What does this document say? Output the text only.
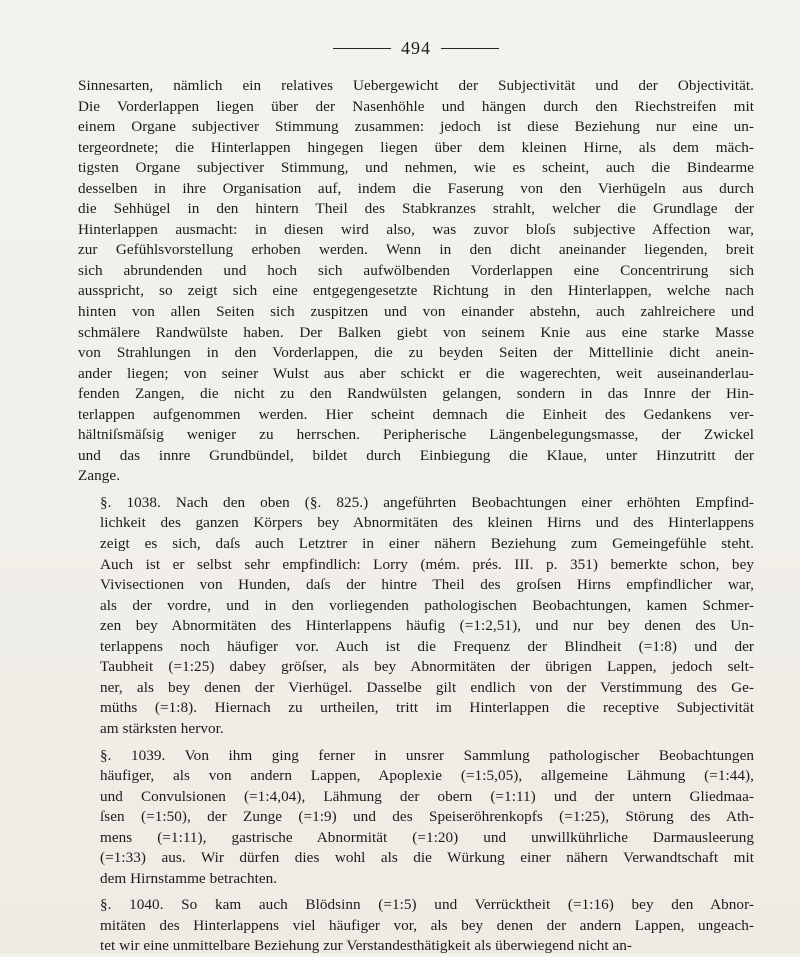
494

Sinnesarten, nämlich ein relatives Uebergewicht der Subjectivität und der Objectivität.
Die Vorderlappen liegen über der Nasenhöhle und hängen durch den Riechstreifen mit
einem Organe subjectiver Stimmung zusammen: jedoch ist diese Beziehung nur eine un-
tergeordnete; die Hinterlappen hingegen liegen über dem kleinen Hirne, als dem mäch-
tigsten Organe subjectiver Stimmung, und nehmen, wie es scheint, auch die Bindearme
desselben in ihre Organisation auf, indem die Faserung von den Vierhügeln aus durch
die Sehhügel in den hintern Theil des Stabkranzes strahlt, welcher die Grundlage der
Hinterlappen ausmacht: in diesen wird also, was zuvor bloſs subjective Affection war,
zur Gefühlsvorstellung erhoben werden. Wenn in den dicht aneinander liegenden, breit
sich abrundenden und hoch sich aufwölbenden Vorderlappen eine Concentrirung sich
ausspricht, so zeigt sich eine entgegengesetzte Richtung in den Hinterlappen, welche nach
hinten von allen Seiten sich zuspitzen und von einander abstehn, auch zahlreichere und
schmälere Randwülste haben. Der Balken giebt von seinem Knie aus eine starke Masse
von Strahlungen in den Vorderlappen, die zu beyden Seiten der Mittellinie dicht anein-
ander liegen; von seiner Wulst aus aber schickt er die wagerechten, weit auseinanderlau-
fenden Zangen, die nicht zu den Randwülsten gelangen, sondern in das Innre der Hin-
terlappen aufgenommen werden. Hier scheint demnach die Einheit des Gedankens ver-
hältniſsmäſsig weniger zu herrschen. Peripherische Längenbelegungsmasse, der Zwickel
und das innre Grundbündel, bildet durch Einbiegung die Klaue, unter Hinzutritt der
Zange.

§. 1038. Nach den oben (§. 825.) angeführten Beobachtungen einer erhöhten Empfind-
lichkeit des ganzen Körpers bey Abnormitäten des kleinen Hirns und des Hinterlappens
zeigt es sich, daſs auch Letztrer in einer nähern Beziehung zum Gemeingefühle steht.
Auch ist er selbst sehr empfindlich: Lorry (mém. prés. III. p. 351) bemerkte schon, bey
Vivisectionen von Hunden, daſs der hintre Theil des groſsen Hirns empfindlicher war,
als der vordre, und in den vorliegenden pathologischen Beobachtungen, kamen Schmer-
zen bey Abnormitäten des Hinterlappens häufig (=1:2,51), und nur bey denen des Un-
terlappens noch häufiger vor. Auch ist die Frequenz der Blindheit (=1:8) und der
Taubheit (=1:25) dabey gröſser, als bey Abnormitäten der übrigen Lappen, jedoch selt-
ner, als bey denen der Vierhügel. Dasselbe gilt endlich von der Verstimmung des Ge-
müths (=1:8). Hiernach zu urtheilen, tritt im Hinterlappen die receptive Subjectivität
am stärksten hervor.

§. 1039. Von ihm ging ferner in unsrer Sammlung pathologischer Beobachtungen
häufiger, als von andern Lappen, Apoplexie (=1:5,05), allgemeine Lähmung (=1:44),
und Convulsionen (=1:4,04), Lähmung der obern (=1:11) und der untern Gliedmaa-
ſsen (=1:50), der Zunge (=1:9) und des Speiseröhrenkopfs (=1:25), Störung des Ath-
mens (=1:11), gastrische Abnormität (=1:20) und unwillkührliche Darmausleerung
(=1:33) aus. Wir dürfen dies wohl als die Würkung einer nähern Verwandtschaft mit
dem Hirnstamme betrachten.

§. 1040. So kam auch Blödsinn (=1:5) und Verrücktheit (=1:16) bey den Abnor-
mitäten des Hinterlappens viel häufiger vor, als bey denen der andern Lappen, ungeach-
tet wir eine unmittelbare Beziehung zur Verstandesthätigkeit als überwiegend nicht an-
